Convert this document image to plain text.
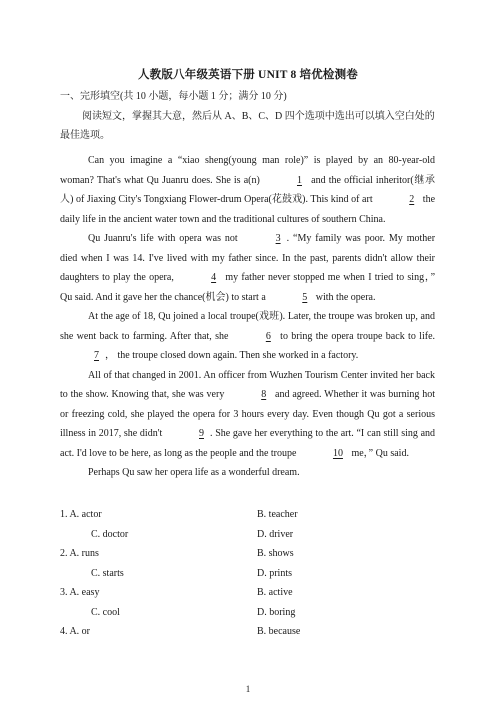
人教版八年级英语下册 UNIT 8 培优检测卷
一、完形填空(共 10 小题，每小题 1 分；满分 10 分)
阅读短文，掌握其大意，然后从 A、B、C、D 四个选项中选出可以填入空白处的最佳选项。

Can you imagine a “xiao sheng(young man role)” is played by an 80-year-old woman? That's what Qu Juanru does. She is a(n)	1 and the official inheritor(继承人) of Jiaxing City's Tongxiang Flower-drum Opera(花鼓戏). This kind of art	2 the daily life in the ancient water town and the traditional cultures of southern China.

Qu Juanru's life with opera was not	3 . “My family was poor. My mother died when I was 14. I've lived with my father since. In the past, parents didn't allow their daughters to play the opera,	4 my father never stopped me when I tried to sing，” Qu said. And it gave her the chance(机会) to start a	5 with the opera.

At the age of 18, Qu joined a local troupe(戏班). Later, the troupe was broken up, and she went back to farming. After that, she	6 to bring the opera troupe back to life. 7 ， the troupe closed down again. Then she worked in a factory.

All of that changed in 2001. An officer from Wuzhen Tourism Center invited her back to the show. Knowing that, she was very	8 and agreed. Whether it was burning hot or freezing cold, she played the opera for 3 hours every day. Even though Qu got a serious illness in 2017, she didn't	9 . She gave her everything to the art. “I can still sing and act. I'd love to be here, as long as the people and the troupe	10 me，” Qu said.

Perhaps Qu saw her opera life as a wonderful dream.

1. A. actor	B. teacher
C. doctor	D. driver
2. A. runs	B. shows
C. starts	D. prints
3. A. easy	B. active
C. cool	D. boring
4. A. or	B. because
1
